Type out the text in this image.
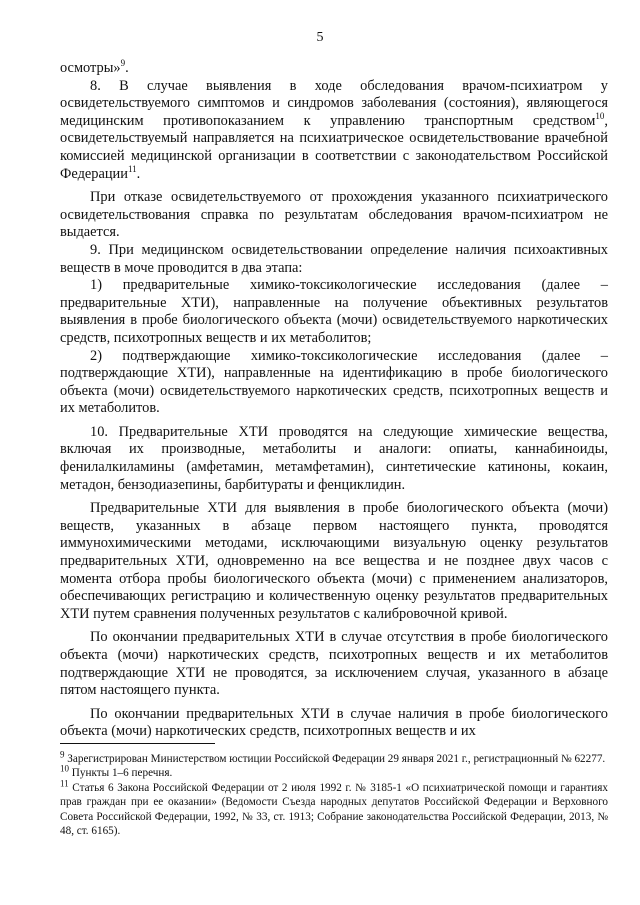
5

осмотры»$^9$.

8. В случае выявления в ходе обследования врачом-психиатром у освидетельствуемого симптомов и синдромов заболевания (состояния), являющегося медицинским противопоказанием к управлению транспортным средством$^{10}$, освидетельствуемый направляется на психиатрическое освидетельствование врачебной комиссией медицинской организации в соответствии с законодательством Российской Федерации$^{11}$.

При отказе освидетельствуемого от прохождения указанного психиатрического освидетельствования справка по результатам обследования врачом-психиатром не выдается.

9. При медицинском освидетельствовании определение наличия психоактивных веществ в моче проводится в два этапа:

1) предварительные химико-токсикологические исследования (далее – предварительные ХТИ), направленные на получение объективных результатов выявления в пробе биологического объекта (мочи) освидетельствуемого наркотических средств, психотропных веществ и их метаболитов;

2) подтверждающие химико-токсикологические исследования (далее – подтверждающие ХТИ), направленные на идентификацию в пробе биологического объекта (мочи) освидетельствуемого наркотических средств, психотропных веществ и их метаболитов.

10. Предварительные ХТИ проводятся на следующие химические вещества, включая их производные, метаболиты и аналоги: опиаты, каннабиноиды, фенилалкиламины (амфетамин, метамфетамин), синтетические катиноны, кокаин, метадон, бензодиазепины, барбитураты и фенциклидин.

Предварительные ХТИ для выявления в пробе биологического объекта (мочи) веществ, указанных в абзаце первом настоящего пункта, проводятся иммунохимическими методами, исключающими визуальную оценку результатов предварительных ХТИ, одновременно на все вещества и не позднее двух часов с момента отбора пробы биологического объекта (мочи) с применением анализаторов, обеспечивающих регистрацию и количественную оценку результатов предварительных ХТИ путем сравнения полученных результатов с калибровочной кривой.

По окончании предварительных ХТИ в случае отсутствия в пробе биологического объекта (мочи) наркотических средств, психотропных веществ и их метаболитов подтверждающие ХТИ не проводятся, за исключением случая, указанного в абзаце пятом настоящего пункта.

По окончании предварительных ХТИ в случае наличия в пробе биологического объекта (мочи) наркотических средств, психотропных веществ и их

$^9$ Зарегистрирован Министерством юстиции Российской Федерации 29 января 2021 г., регистрационный № 62277.

$^{10}$ Пункты 1–6 перечня.

$^{11}$ Статья 6 Закона Российской Федерации от 2 июля 1992 г. № 3185-1 «О психиатрической помощи и гарантиях прав граждан при ее оказании» (Ведомости Съезда народных депутатов Российской Федерации и Верховного Совета Российской Федерации, 1992, № 33, ст. 1913; Собрание законодательства Российской Федерации, 2013, № 48, ст. 6165).
